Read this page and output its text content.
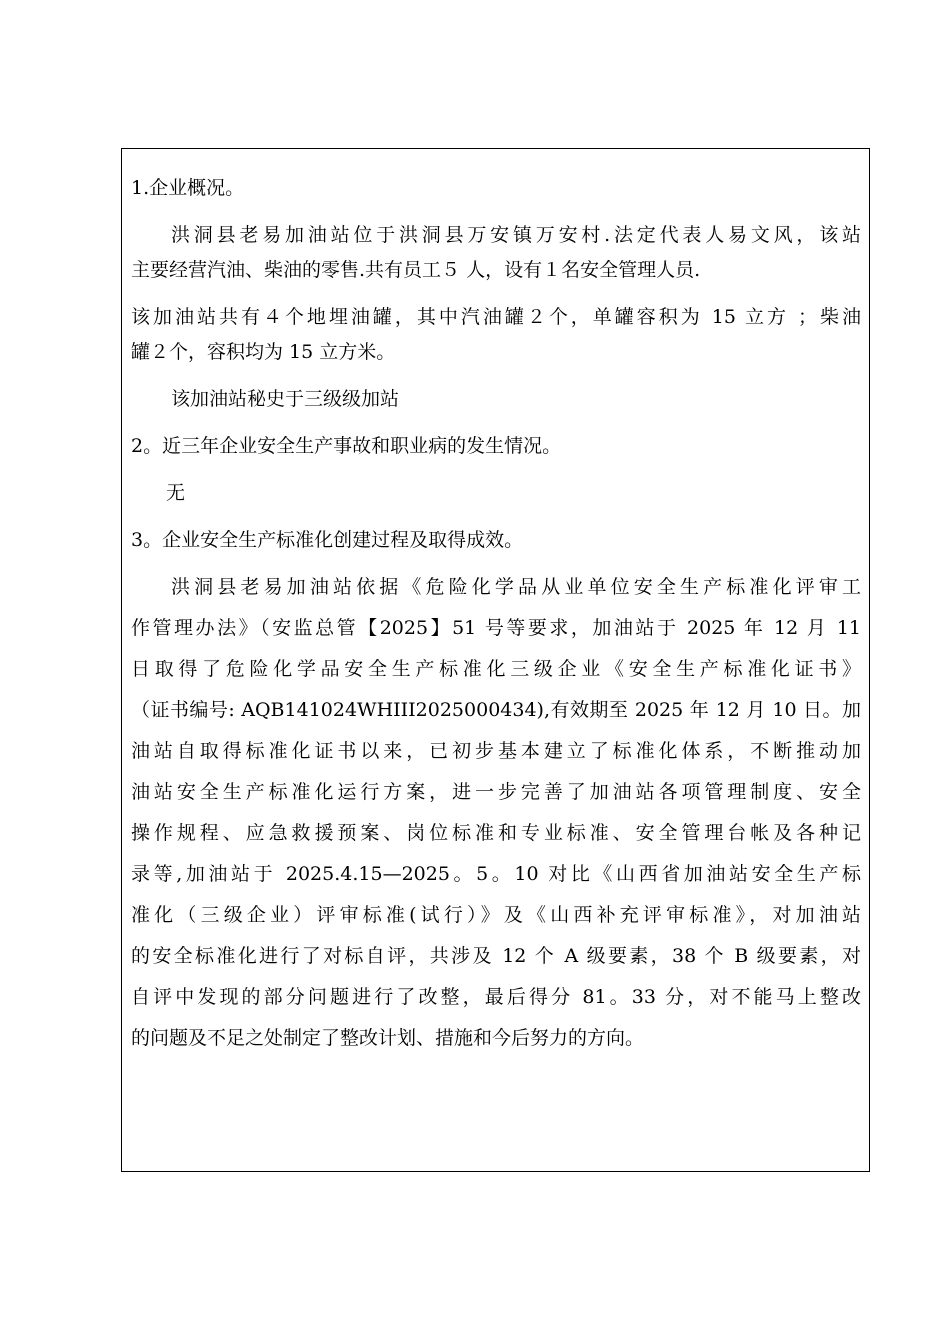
1.企业概况。
洪洞县老易加油站位于洪洞县万安镇万安村.法定代表人易文风，该站
主要经营汽油、柴油的零售.共有员工５ 人，设有１名安全管理人员.
该加油站共有４个地埋油罐，其中汽油罐２个，单罐容积为 15 立方 ；柴油
罐２个，容积均为 15 立方米。
该加油站秘史于三级级加站
2。近三年企业安全生产事故和职业病的发生情况。
无
3。企业安全生产标准化创建过程及取得成效。
洪洞县老易加油站依据《危险化学品从业单位安全生产标准化评审工
作管理办法》（安监总管【2025】51 号等要求，加油站于 2025 年 12 月 11
日取得了危险化学品安全生产标准化三级企业《安全生产标准化证书》
（证书编号: AQB141024WHIII2025000434),有效期至 2025 年 12 月 10 日。加
油站自取得标准化证书以来，已初步基本建立了标准化体系，不断推动加
油站安全生产标准化运行方案，进一步完善了加油站各项管理制度、安全
操作规程、应急救援预案、岗位标准和专业标准、安全管理台帐及各种记
录等,加油站于 2025.4.15—2025。5。10 对比《山西省加油站安全生产标
准化（三级企业）评审标准(试行）》及《山西补充评审标准》，对加油站
的安全标准化进行了对标自评，共涉及 12 个 A 级要素，38 个 B 级要素，对
自评中发现的部分问题进行了改整，最后得分 81。33 分，对不能马上整改
的问题及不足之处制定了整改计划、措施和今后努力的方向。
